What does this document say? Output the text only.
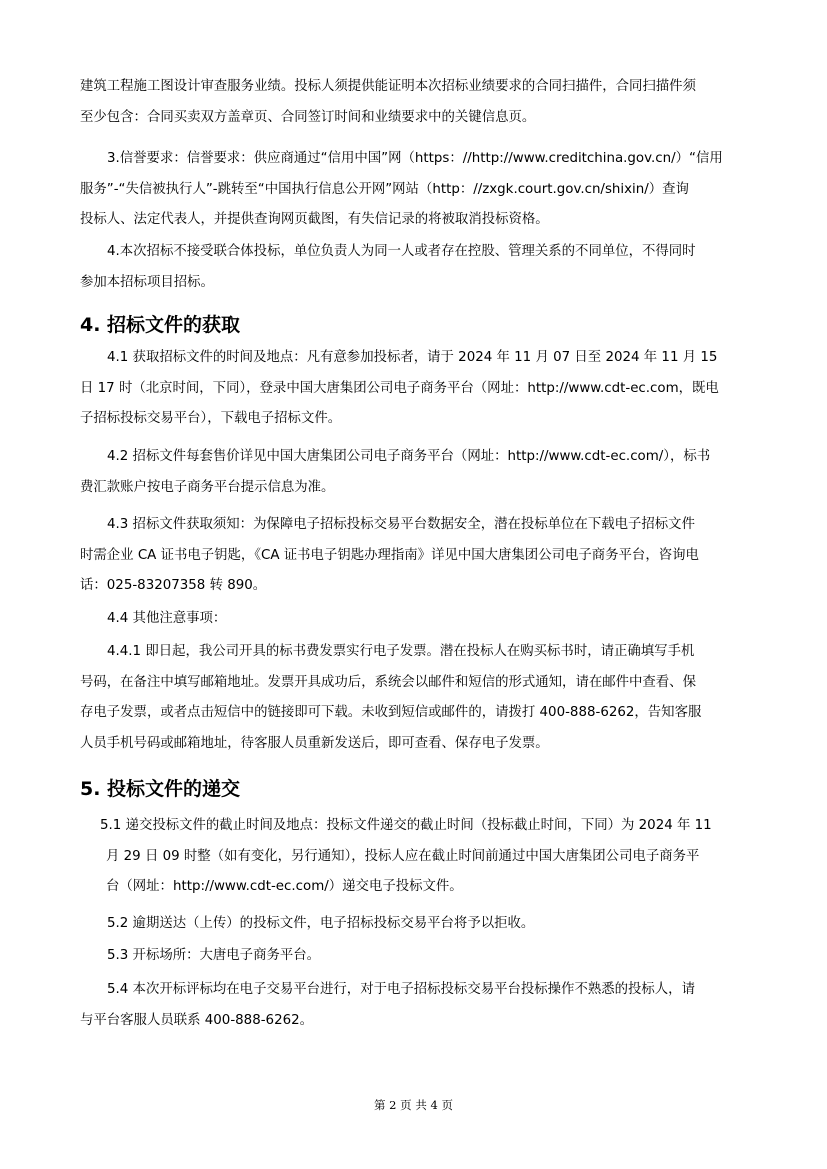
建筑工程施工图设计审查服务业绩。投标人须提供能证明本次招标业绩要求的合同扫描件，合同扫描件须
至少包含：合同买卖双方盖章页、合同签订时间和业绩要求中的关键信息页。
3.信誉要求：信誉要求：供应商通过“信用中国”网（https：//http://www.creditchina.gov.cn/）“信用
服务”-“失信被执行人”-跳转至“中国执行信息公开网”网站（http：//zxgk.court.gov.cn/shixin/）查询
投标人、法定代表人，并提供查询网页截图，有失信记录的将被取消投标资格。
4.本次招标不接受联合体投标，单位负责人为同一人或者存在控股、管理关系的不同单位，不得同时
参加本招标项目招标。
4. 招标文件的获取
4.1 获取招标文件的时间及地点：凡有意参加投标者，请于 2024 年 11 月 07 日至 2024 年 11 月 15
日 17 时（北京时间，下同），登录中国大唐集团公司电子商务平台（网址：http://www.cdt-ec.com，既电
子招标投标交易平台），下载电子招标文件。
4.2 招标文件每套售价详见中国大唐集团公司电子商务平台（网址：http://www.cdt-ec.com/），标书
费汇款账户按电子商务平台提示信息为准。
4.3 招标文件获取须知：为保障电子招标投标交易平台数据安全，潜在投标单位在下载电子招标文件
时需企业 CA 证书电子钥匙，《CA 证书电子钥匙办理指南》详见中国大唐集团公司电子商务平台，咨询电
话：025-83207358 转 890。
4.4 其他注意事项：
4.4.1 即日起，我公司开具的标书费发票实行电子发票。潜在投标人在购买标书时，请正确填写手机
号码，在备注中填写邮箱地址。发票开具成功后，系统会以邮件和短信的形式通知，请在邮件中查看、保
存电子发票，或者点击短信中的链接即可下载。未收到短信或邮件的，请拨打 400-888-6262，告知客服
人员手机号码或邮箱地址，待客服人员重新发送后，即可查看、保存电子发票。
5. 投标文件的递交
5.1 递交投标文件的截止时间及地点：投标文件递交的截止时间（投标截止时间，下同）为 2024 年 11
月 29 日 09 时整（如有变化，另行通知），投标人应在截止时间前通过中国大唐集团公司电子商务平
台（网址：http://www.cdt-ec.com/）递交电子投标文件。
5.2 逾期送达（上传）的投标文件，电子招标投标交易平台将予以拒收。
5.3 开标场所：大唐电子商务平台。
5.4 本次开标评标均在电子交易平台进行，对于电子招标投标交易平台投标操作不熟悉的投标人，请
与平台客服人员联系 400-888-6262。
第 2 页 共 4 页
